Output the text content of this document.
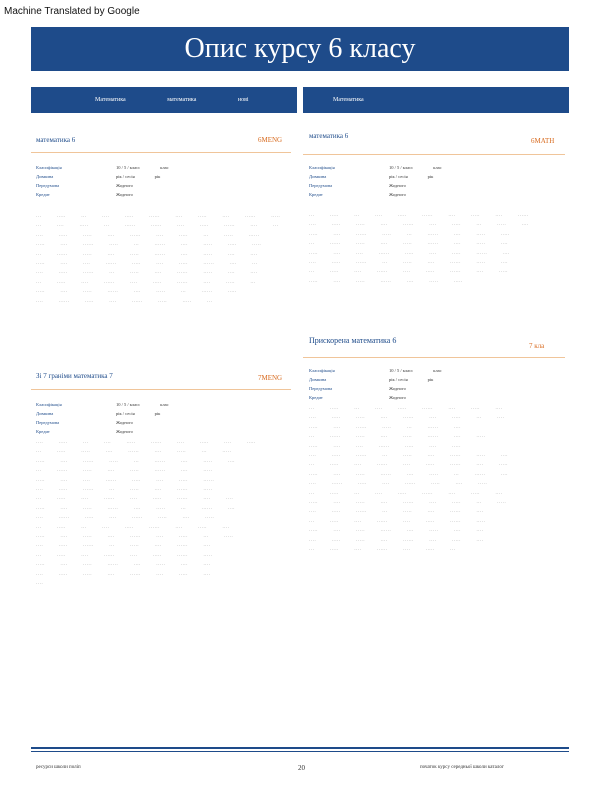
Machine Translated by Google
Опис курсу 6 класу
Математика	математика	нові	Математика
математика 6	6MENG
Класифікація	10 / 5 / класс	клас
Довжина	рік / сесія	рік
Передумова	Жодного
Кредит	Жодного
··· ····· ··· ···· ····· ······ ···· ····· ···· ······ ·····
··· ···· ····· ··· ······ ······ ···· ····· ······ ···· ···
···· ····· ····· ···· ······ ···· ····· ··· ····· ······
····· ···· ······ ····· ··· ······ ···· ····· ····· ·····
··· ······ ····· ···· ····· ······ ···· ····· ···· ····
····· ···· ···· ······ ····· ···· ····· ······ ···· ···
···· ····· ······ ··· ····· ···· ······ ····· ···· ····
··· ····· ···· ······ ···· ····· ······ ···· ····· ···
····· ···· ····· ······ ···· ····· ··· ······ ·····
···· ······ ····· ···· ······ ····· ····· ···
математика 6
6MATH
Класифікація	10 / 5 / класс	клас
Довжина	рік / сесія	рік
Передумова	Жодного
Кредит	Жодного
··· ····· ··· ···· ····· ······ ···· ····· ···· ······
···· ····· ····· ···· ······ ···· ····· ··· ····· ····
····· ···· ······ ····· ··· ······ ···· ····· ·····
··· ······ ····· ···· ····· ······ ···· ····· ····
····· ···· ···· ······ ····· ···· ····· ······ ····
···· ····· ······ ··· ····· ···· ······ ····· ····
··· ····· ···· ······ ···· ····· ······ ···· ·····
····· ···· ····· ······ ···· ····· ·····
Зі 7 граніми математика 7	7MENG
Класифікація	10 / 5 / класс	клас
Довжина	рік / сесія	рік
Передумова	Жодного
Кредит	Жодного
···· ····· ··· ···· ····· ······ ···· ····· ···· ·····
··· ····· ····· ···· ······ ···· ····· ··· ·····
····· ···· ······ ····· ··· ······ ···· ····· ····
··· ······ ····· ···· ····· ······ ···· ·····
····· ···· ···· ······ ····· ···· ····· ······
···· ····· ······ ··· ····· ···· ······ ·····
··· ····· ···· ······ ···· ····· ······ ···· ····
····· ···· ····· ······ ···· ····· ··· ······ ····
···· ······ ····· ···· ······ ····· ···· ·····
··· ····· ··· ···· ····· ······ ···· ····· ····
····· ···· ····· ···· ······ ···· ····· ··· ·····
···· ····· ······ ··· ····· ···· ······ ····
··· ····· ···· ······ ···· ····· ······ ·····
····· ···· ····· ······ ···· ····· ···· ····
···· ····· ····· ···· ······ ···· ····· ····
····
Прискорена математика 6
7 кла
Класифікація	10 / 5 / класс	клас
Довжина	рік / сесія	рік
Передумова	Жодного
Кредит	Жодного
··· ····· ··· ···· ····· ······ ···· ····· ····
···· ····· ····· ···· ······ ···· ····· ··· ····
····· ···· ······ ····· ··· ······ ····
··· ······ ····· ···· ····· ······ ···· ·····
····· ···· ···· ······ ····· ···· ·····
···· ····· ······ ··· ····· ···· ······ ····· ····
··· ····· ···· ······ ···· ····· ······ ···· ·····
····· ···· ····· ······ ···· ····· ··· ······ ····
···· ······ ····· ···· ······ ····· ···· ·····
··· ····· ··· ···· ····· ······ ···· ····· ····
····· ···· ····· ···· ······ ···· ····· ··· ·····
···· ····· ······ ··· ····· ···· ······ ····
··· ····· ···· ······ ···· ····· ······ ·····
····· ···· ····· ······ ···· ····· ···· ····
···· ····· ····· ···· ······ ···· ····· ····
··· ····· ···· ······ ···· ····· ···
ресурси школи поліп	20	початок курсу середньої школи каталог
